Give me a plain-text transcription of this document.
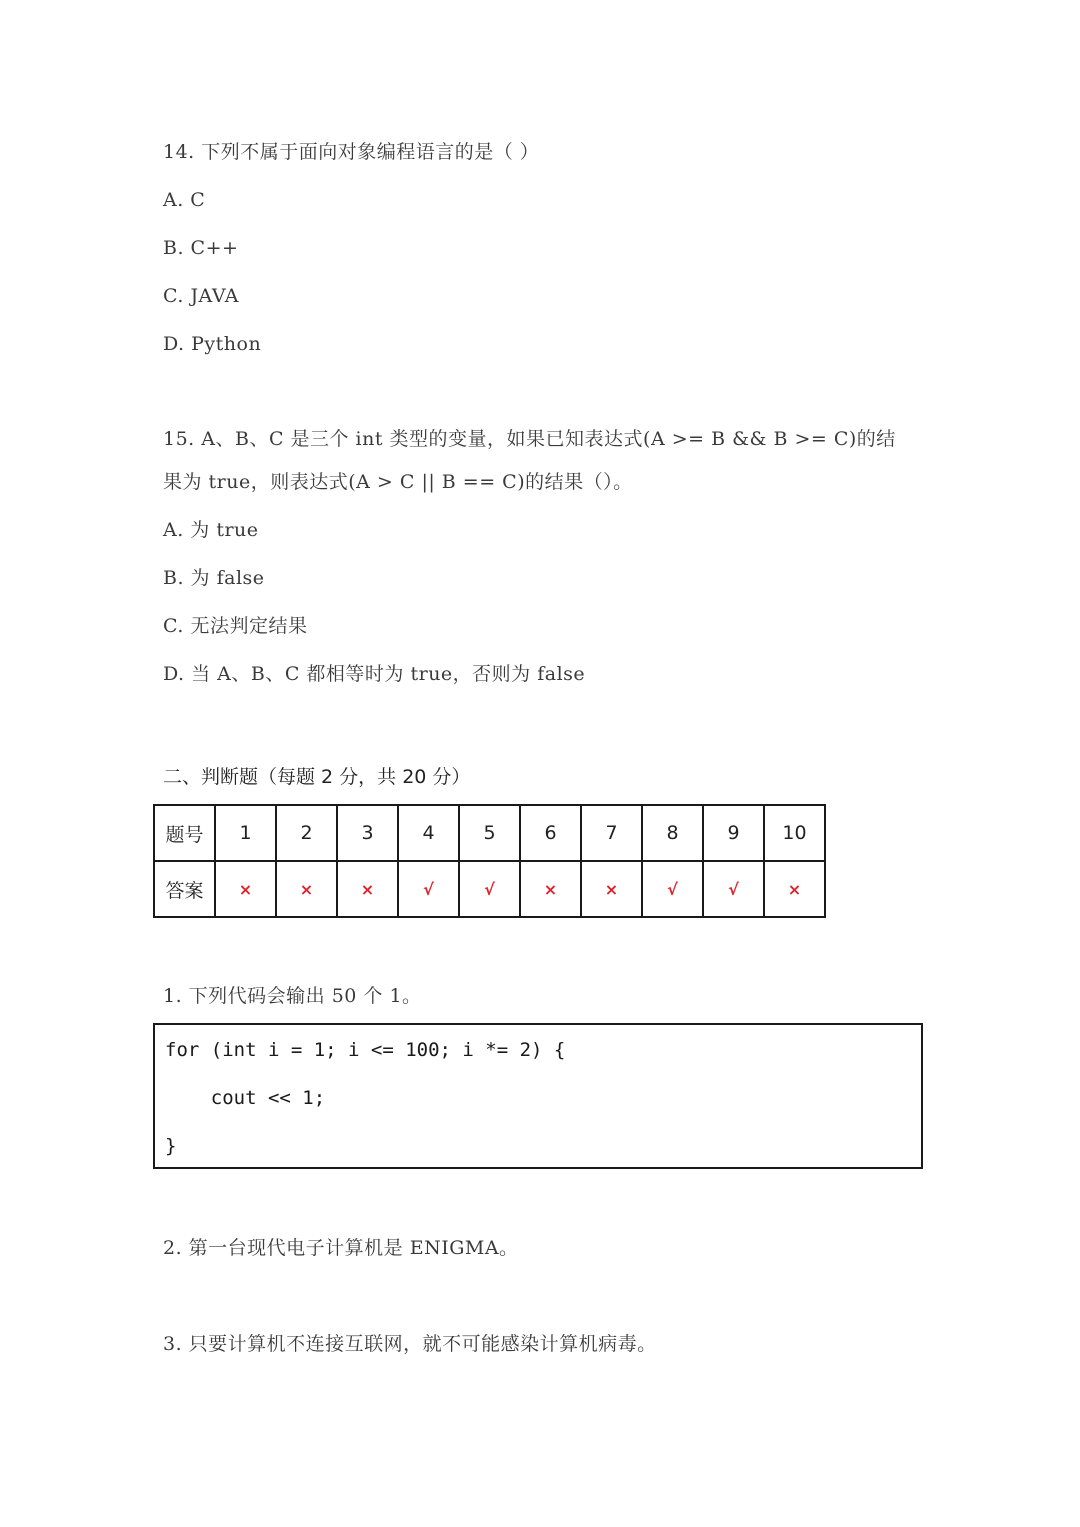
14. 下列不属于面向对象编程语言的是（ ）
A. C
B. C++
C. JAVA
D. Python
15. A、B、C 是三个 int 类型的变量，如果已知表达式(A >= B && B >= C)的结
果为 true，则表达式(A > C || B == C)的结果（）。
A. 为 true
B. 为 false
C. 无法判定结果
D. 当 A、B、C 都相等时为 true，否则为 false
二、判断题（每题 2 分，共 20 分）
题号	1	2	3	4	5	6	7	8	9	10
答案	×	×	×	√	√	×	×	√	√	×
1. 下列代码会输出 50 个 1。
for (int i = 1; i <= 100; i *= 2) {
cout << 1;
}
2. 第一台现代电子计算机是 ENIGMA。
3. 只要计算机不连接互联网，就不可能感染计算机病毒。
